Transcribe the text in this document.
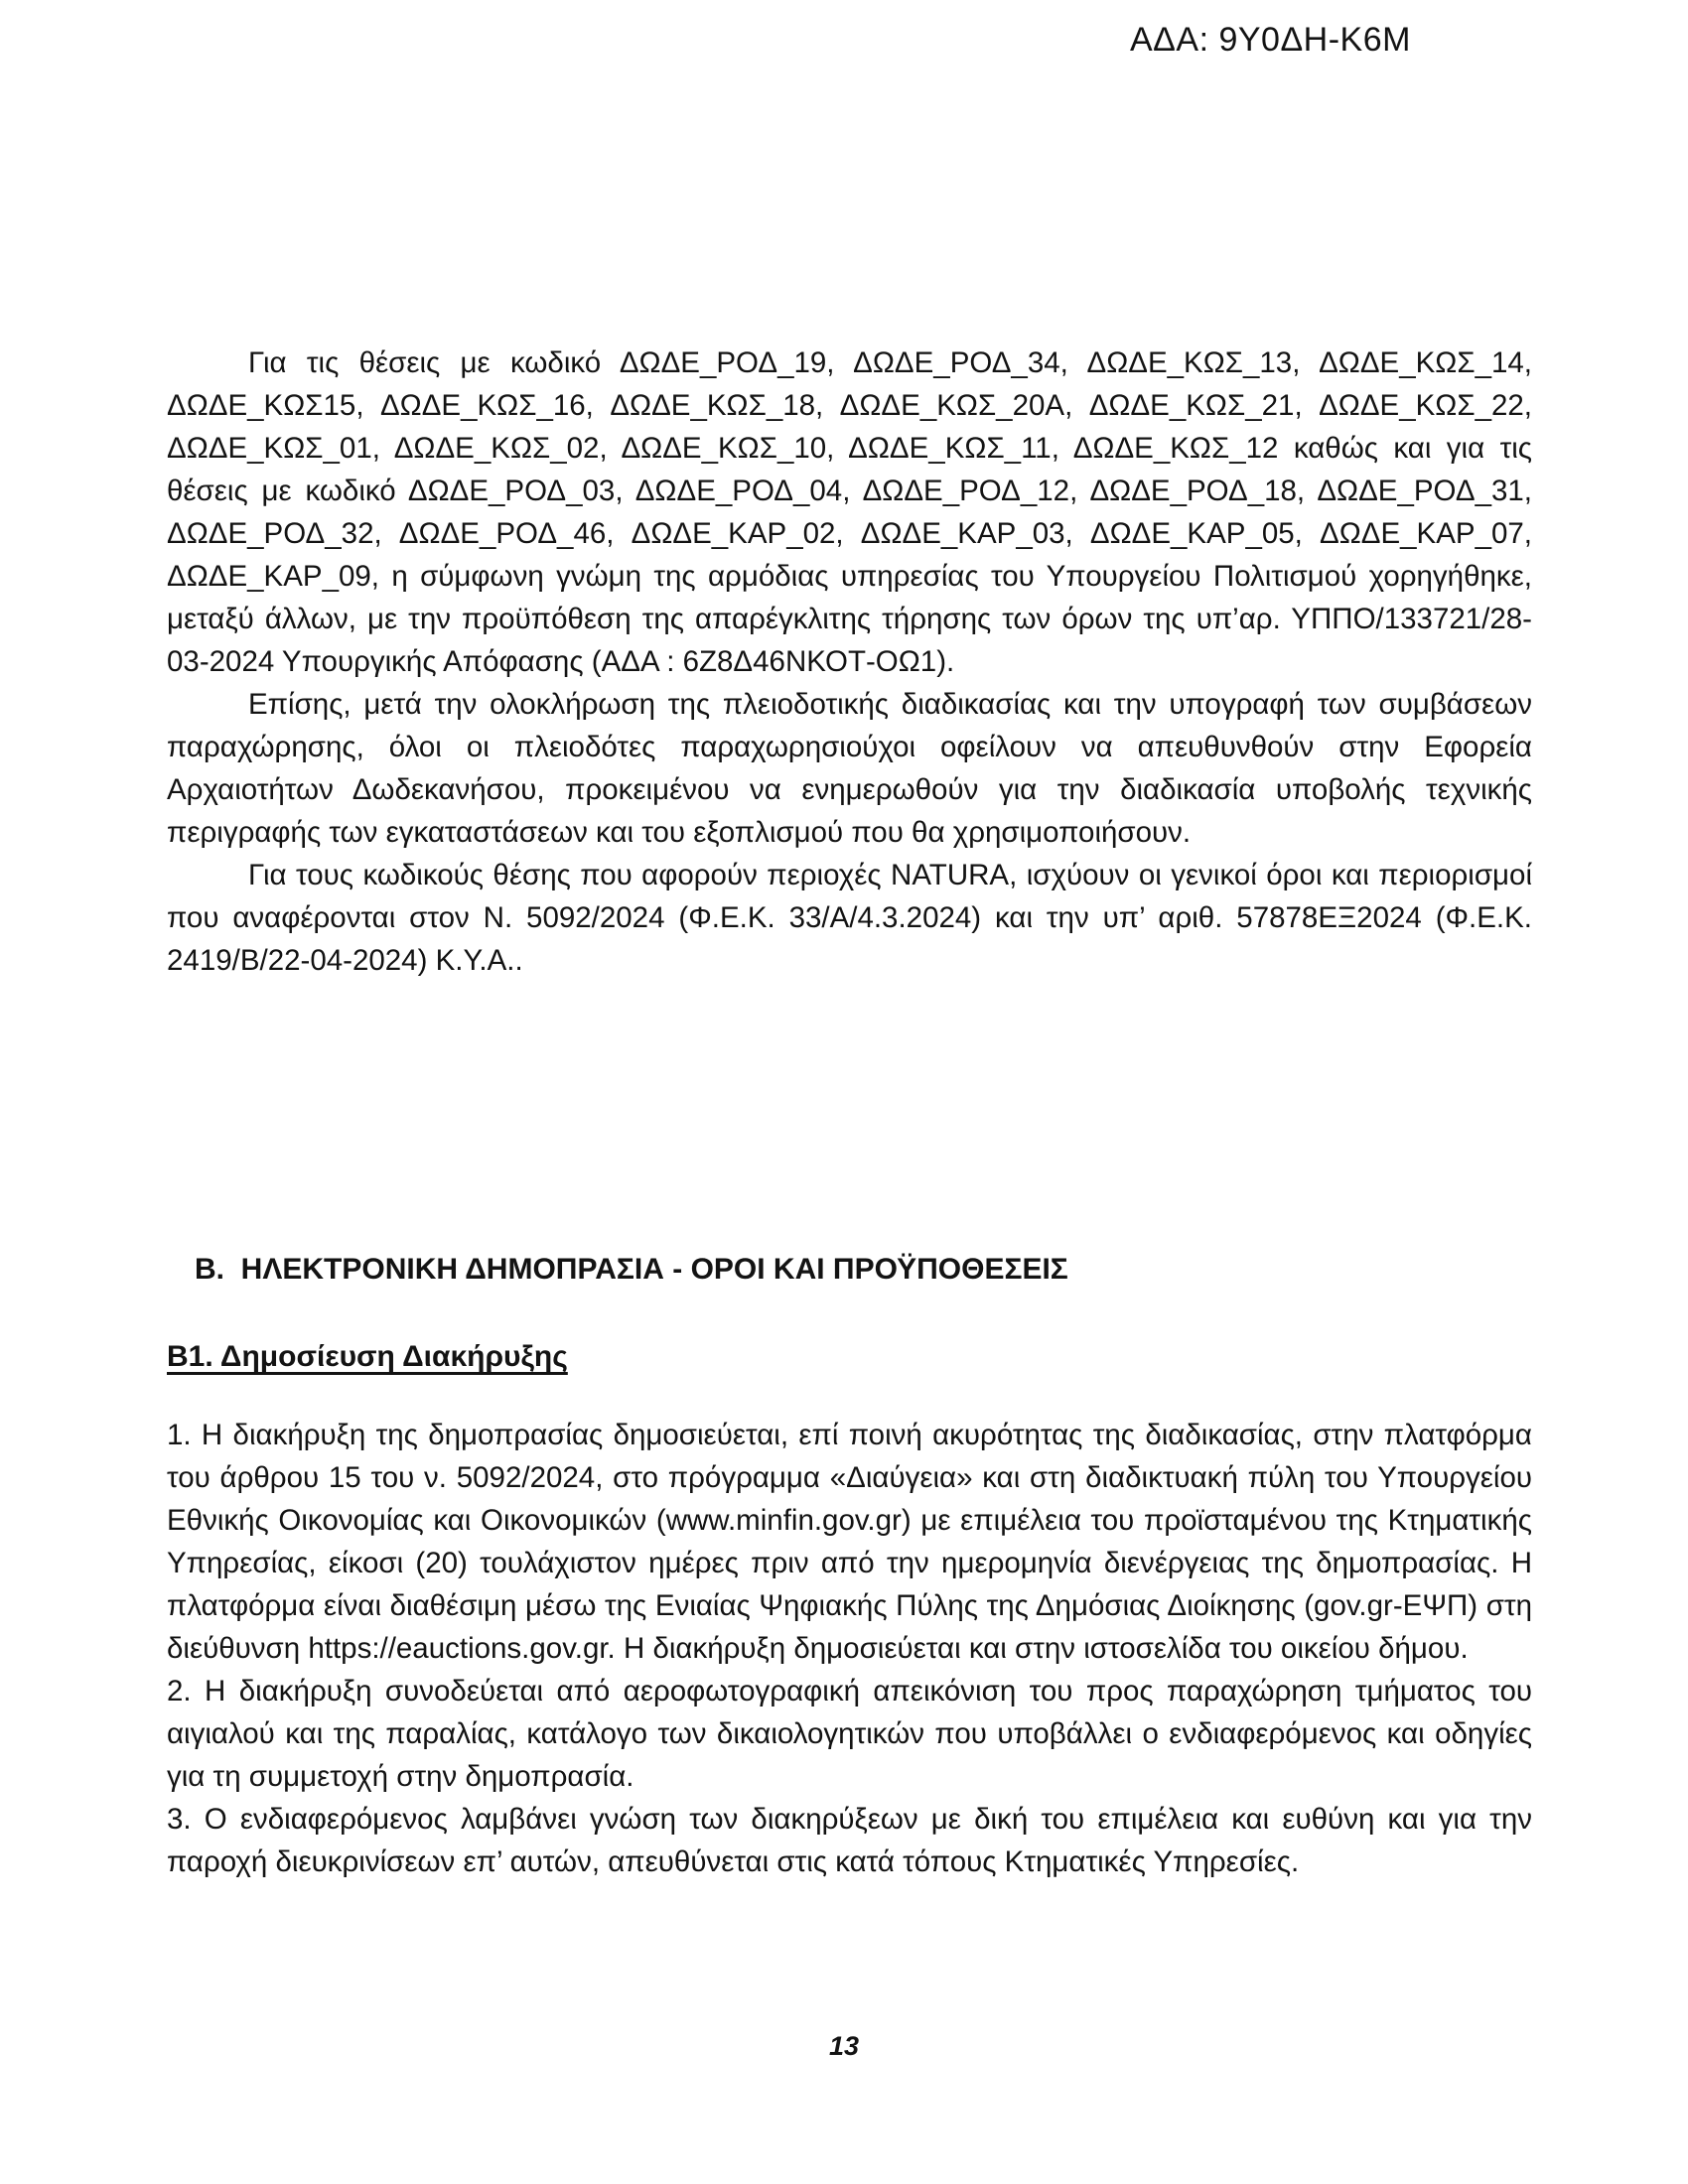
ΑΔΑ: 9Υ0ΔΗ-Κ6Μ

Για τις θέσεις με κωδικό ΔΩΔΕ_ΡΟΔ_19, ΔΩΔΕ_ΡΟΔ_34, ΔΩΔΕ_ΚΩΣ_13, ΔΩΔΕ_ΚΩΣ_14, ΔΩΔΕ_ΚΩΣ15, ΔΩΔΕ_ΚΩΣ_16, ΔΩΔΕ_ΚΩΣ_18, ΔΩΔΕ_ΚΩΣ_20Α, ΔΩΔΕ_ΚΩΣ_21, ΔΩΔΕ_ΚΩΣ_22, ΔΩΔΕ_ΚΩΣ_01, ΔΩΔΕ_ΚΩΣ_02, ΔΩΔΕ_ΚΩΣ_10, ΔΩΔΕ_ΚΩΣ_11, ΔΩΔΕ_ΚΩΣ_12 καθώς και για τις θέσεις με κωδικό ΔΩΔΕ_ΡΟΔ_03, ΔΩΔΕ_ΡΟΔ_04, ΔΩΔΕ_ΡΟΔ_12, ΔΩΔΕ_ΡΟΔ_18, ΔΩΔΕ_ΡΟΔ_31, ΔΩΔΕ_ΡΟΔ_32, ΔΩΔΕ_ΡΟΔ_46, ΔΩΔΕ_ΚΑΡ_02, ΔΩΔΕ_ΚΑΡ_03, ΔΩΔΕ_ΚΑΡ_05, ΔΩΔΕ_ΚΑΡ_07, ΔΩΔΕ_ΚΑΡ_09, η σύμφωνη γνώμη της αρμόδιας υπηρεσίας του Υπουργείου Πολιτισμού χορηγήθηκε, μεταξύ άλλων, με την προϋπόθεση της απαρέγκλιτης τήρησης των όρων της υπ’αρ. ΥΠΠΟ/133721/28-03-2024 Υπουργικής Απόφασης (ΑΔΑ : 6Ζ8Δ46ΝΚΟΤ-ΟΩ1).

Επίσης, μετά την ολοκλήρωση της πλειοδοτικής διαδικασίας και την υπογραφή των συμβάσεων παραχώρησης, όλοι οι πλειοδότες παραχωρησιούχοι οφείλουν να απευθυνθούν στην Εφορεία Αρχαιοτήτων Δωδεκανήσου, προκειμένου να ενημερωθούν για την διαδικασία υποβολής τεχνικής περιγραφής των εγκαταστάσεων και του εξοπλισμού που θα χρησιμοποιήσουν.

Για τους κωδικούς θέσης που αφορούν περιοχές NATURA, ισχύουν οι γενικοί όροι και περιορισμοί που αναφέρονται στον Ν. 5092/2024 (Φ.Ε.Κ. 33/Α/4.3.2024) και την υπ’ αριθ. 57878ΕΞ2024 (Φ.Ε.Κ. 2419/Β/22-04-2024) Κ.Υ.Α..

Β.  ΗΛΕΚΤΡΟΝΙΚΗ ΔΗΜΟΠΡΑΣΙΑ - ΟΡΟΙ ΚΑΙ ΠΡΟΫΠΟΘΕΣΕΙΣ
Β1. Δημοσίευση Διακήρυξης

1. Η διακήρυξη της δημοπρασίας δημοσιεύεται, επί ποινή ακυρότητας της διαδικασίας, στην πλατφόρμα του άρθρου 15 του ν. 5092/2024, στο πρόγραμμα «Διαύγεια» και στη διαδικτυακή πύλη του Υπουργείου Εθνικής Οικονομίας και Οικονομικών (www.minfin.gov.gr) με επιμέλεια του προϊσταμένου της Κτηματικής Υπηρεσίας, είκοσι (20) τουλάχιστον ημέρες πριν από την ημερομηνία διενέργειας της δημοπρασίας. Η πλατφόρμα είναι διαθέσιμη μέσω της Ενιαίας Ψηφιακής Πύλης της Δημόσιας Διοίκησης (gov.gr-ΕΨΠ) στη διεύθυνση https://eauctions.gov.gr. Η διακήρυξη δημοσιεύεται και στην ιστοσελίδα του οικείου δήμου.

2. Η διακήρυξη συνοδεύεται από αεροφωτογραφική απεικόνιση του προς παραχώρηση τμήματος του αιγιαλού και της παραλίας, κατάλογο των δικαιολογητικών που υποβάλλει ο ενδιαφερόμενος και οδηγίες για τη συμμετοχή στην δημοπρασία.

3. Ο ενδιαφερόμενος λαμβάνει γνώση των διακηρύξεων με δική του επιμέλεια και ευθύνη και για την παροχή διευκρινίσεων επ’ αυτών, απευθύνεται στις κατά τόπους Κτηματικές Υπηρεσίες.

13
